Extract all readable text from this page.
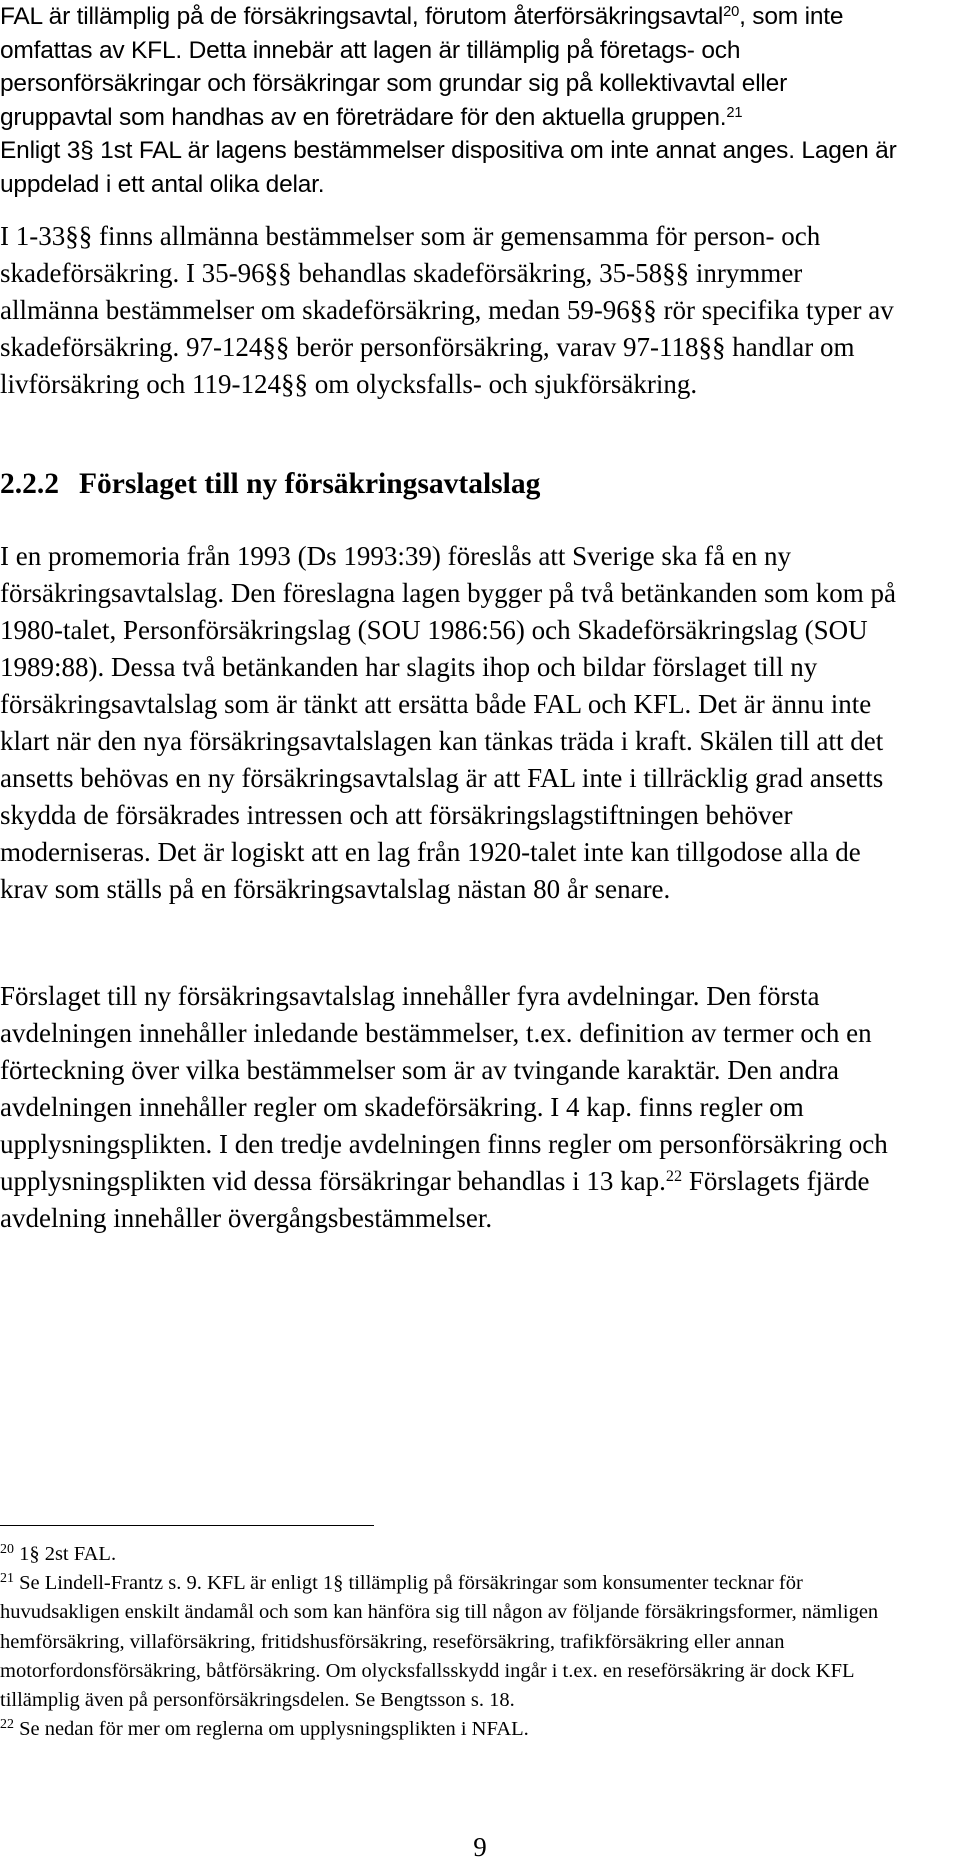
FAL är tillämplig på de försäkringsavtal, förutom återförsäkringsavtal$^{20}$, som inte omfattas av KFL. Detta innebär att lagen är tillämplig på företags- och personförsäkringar och försäkringar som grundar sig på kollektivavtal eller gruppavtal som handhas av en företrädare för den aktuella gruppen.$^{21}$
Enligt 3§ 1st FAL är lagens bestämmelser dispositiva om inte annat anges. Lagen är uppdelad i ett antal olika delar.

I 1-33§§ finns allmänna bestämmelser som är gemensamma för person- och skadeförsäkring. I 35-96§§ behandlas skadeförsäkring, 35-58§§ inrymmer allmänna bestämmelser om skadeförsäkring, medan 59-96§§ rör specifika typer av skadeförsäkring. 97-124§§ berör personförsäkring, varav 97-118§§ handlar om livförsäkring och 119-124§§ om olycksfalls- och sjukförsäkring.

2.2.2 Förslaget till ny försäkringsavtalslag

I en promemoria från 1993 (Ds 1993:39) föreslås att Sverige ska få en ny försäkringsavtalslag. Den föreslagna lagen bygger på två betänkanden som kom på 1980-talet, Personförsäkringslag (SOU 1986:56) och Skadeförsäkringslag (SOU 1989:88). Dessa två betänkanden har slagits ihop och bildar förslaget till ny försäkringsavtalslag som är tänkt att ersätta både FAL och KFL. Det är ännu inte klart när den nya försäkringsavtalslagen kan tänkas träda i kraft. Skälen till att det ansetts behövas en ny försäkringsavtalslag är att FAL inte i tillräcklig grad ansetts skydda de försäkrades intressen och att försäkringslagstiftningen behöver moderniseras. Det är logiskt att en lag från 1920-talet inte kan tillgodose alla de krav som ställs på en försäkringsavtalslag nästan 80 år senare.

Förslaget till ny försäkringsavtalslag innehåller fyra avdelningar. Den första avdelningen innehåller inledande bestämmelser, t.ex. definition av termer och en förteckning över vilka bestämmelser som är av tvingande karaktär. Den andra avdelningen innehåller regler om skadeförsäkring. I 4 kap. finns regler om upplysningsplikten. I den tredje avdelningen finns regler om personförsäkring och upplysningsplikten vid dessa försäkringar behandlas i 13 kap.$^{22}$ Förslagets fjärde avdelning innehåller övergångsbestämmelser.

$^{20}$ 1§ 2st FAL.

$^{21}$ Se Lindell-Frantz s. 9. KFL är enligt 1§ tillämplig på försäkringar som konsumenter tecknar för huvudsakligen enskilt ändamål och som kan hänföra sig till någon av följande försäkringsformer, nämligen hemförsäkring, villaförsäkring, fritidshusförsäkring, reseförsäkring, trafikförsäkring eller annan motorfordonsförsäkring, båtförsäkring. Om olycksfallsskydd ingår i t.ex. en reseförsäkring är dock KFL tillämplig även på personförsäkringsdelen. Se Bengtsson s. 18.

$^{22}$ Se nedan för mer om reglerna om upplysningsplikten i NFAL.

9
